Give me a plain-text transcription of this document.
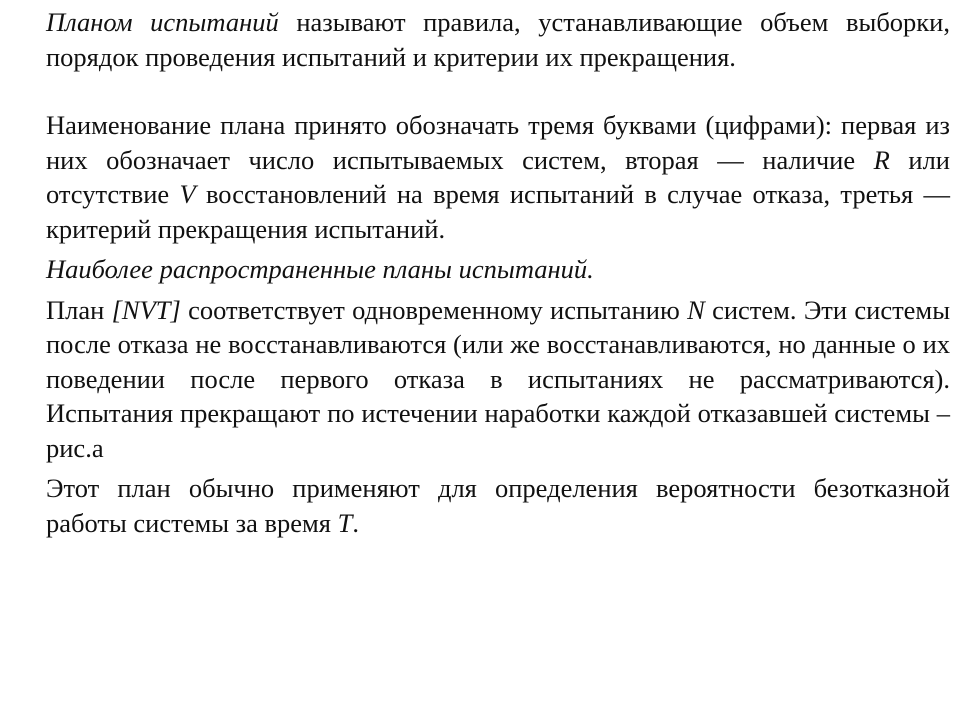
Планом испытаний называют правила, устанавливающие объем выборки, порядок проведения испытаний и критерии их прекращения.

Наименование плана принято обозначать тремя буквами (цифрами): первая из них обозначает число испытываемых систем, вторая — наличие R или отсутствие V восстановлений на время испытаний в случае отказа, третья — критерий прекращения испытаний.

Наиболее распространенные планы испытаний.

План [NVT] соответствует одновременному испытанию N систем. Эти системы после отказа не восстанавливаются (или же восстанавливаются, но данные о их поведении после первого отказа в испытаниях не рассматриваются). Испытания прекращают по истечении наработки каждой отказавшей системы – рис.а

Этот план обычно применяют для определения вероятности безотказной работы системы за время T.
